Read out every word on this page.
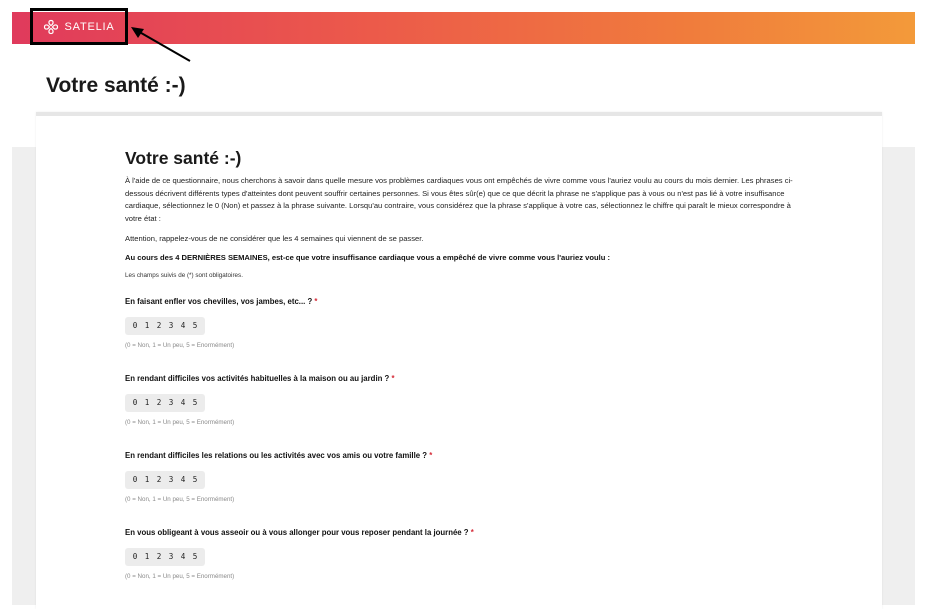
SATELIA
Votre santé :-)
Votre santé :-)

À l'aide de ce questionnaire, nous cherchons à savoir dans quelle mesure vos problèmes cardiaques vous ont empêchés de vivre comme vous l'auriez voulu au cours du mois dernier. Les phrases ci-dessous décrivent différents types d'atteintes dont peuvent souffrir certaines personnes. Si vous êtes sûr(e) que ce que décrit la phrase ne s'applique pas à vous ou n'est pas lié à votre insuffisance cardiaque, sélectionnez le 0 (Non) et passez à la phrase suivante. Lorsqu'au contraire, vous considérez que la phrase s'applique à votre cas, sélectionnez le chiffre qui paraît le mieux correspondre à votre état :

Attention, rappelez-vous de ne considérer que les 4 semaines qui viennent de se passer.

Au cours des 4 DERNIÈRES SEMAINES, est-ce que votre insuffisance cardiaque vous a empêché de vivre comme vous l'auriez voulu :

Les champs suivis de (*) sont obligatoires.

En faisant enfler vos chevilles, vos jambes, etc... ? *

0 1 2 3 4 5

(0 = Non, 1 = Un peu, 5 = Enormément)

En rendant difficiles vos activités habituelles à la maison ou au jardin ? *

0 1 2 3 4 5

(0 = Non, 1 = Un peu, 5 = Enormément)

En rendant difficiles les relations ou les activités avec vos amis ou votre famille ? *

0 1 2 3 4 5

(0 = Non, 1 = Un peu, 5 = Enormément)

En vous obligeant à vous asseoir ou à vous allonger pour vous reposer pendant la journée ? *

0 1 2 3 4 5

(0 = Non, 1 = Un peu, 5 = Enormément)
